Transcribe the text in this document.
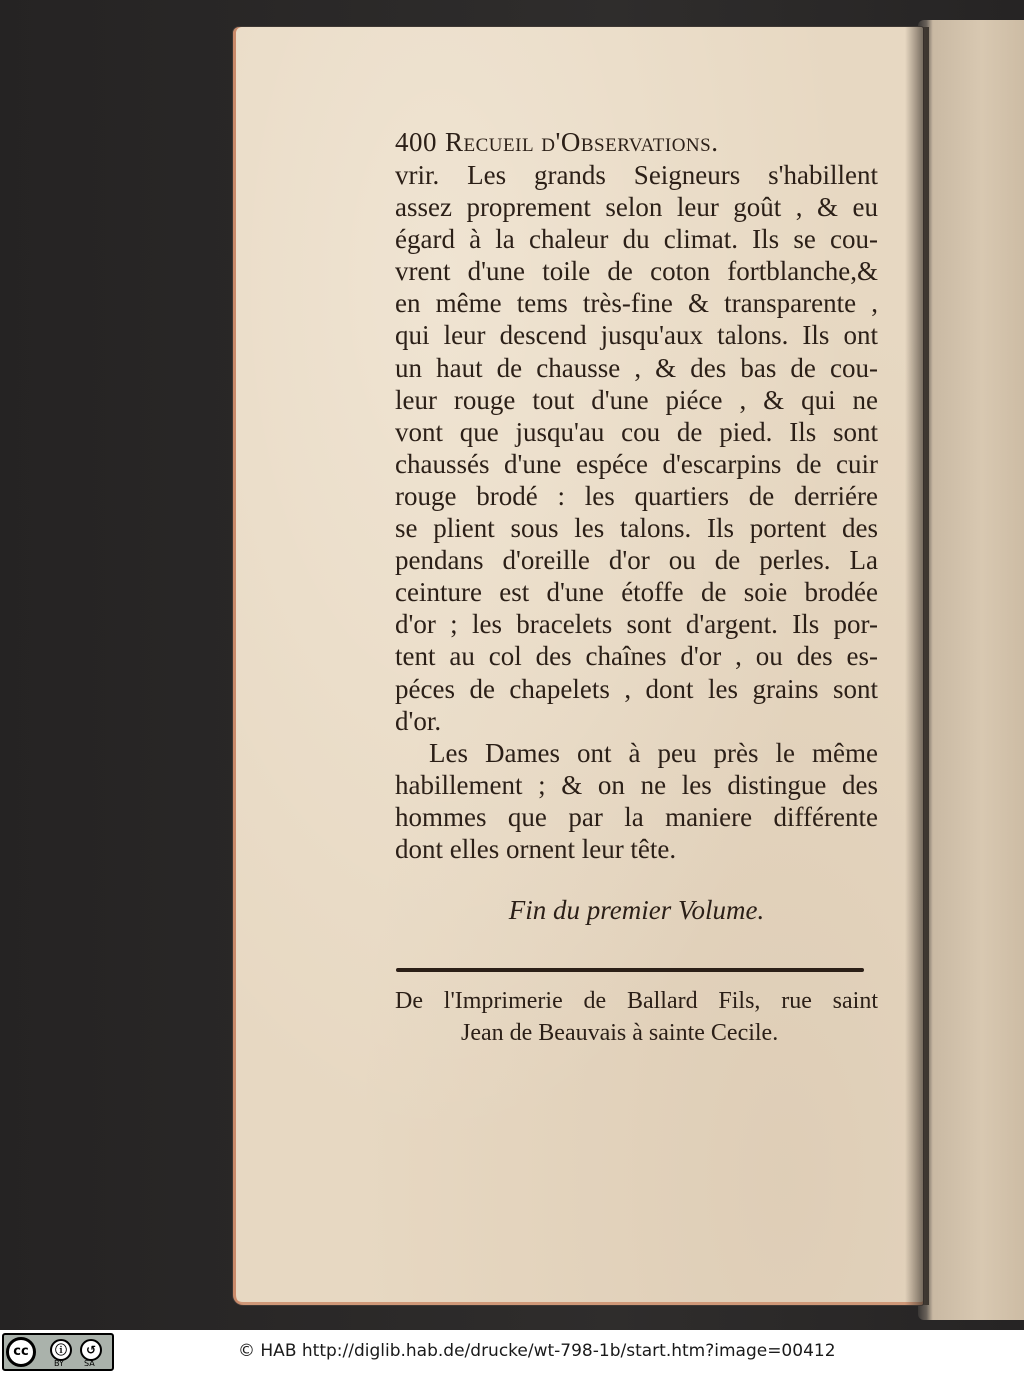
400 Recueil d'Observations.
vrir. Les grands Seigneurs s'habillent
assez proprement selon leur goût , & eu
égard à la chaleur du climat. Ils se cou-
vrent d'une toile de coton fortblanche,&
en même tems très-fine & transparente ,
qui leur descend jusqu'aux talons. Ils ont
un haut de chausse , & des bas de cou-
leur rouge tout d'une piéce , & qui ne
vont que jusqu'au cou de pied. Ils sont
chaussés d'une espéce d'escarpins de cuir
rouge brodé : les quartiers de derriére
se plient sous les talons. Ils portent des
pendans d'oreille d'or ou de perles. La
ceinture est d'une étoffe de soie brodée
d'or ; les bracelets sont d'argent. Ils por-
tent au col des chaînes d'or , ou des es-
péces de chapelets , dont les grains sont
d'or.
Les Dames ont à peu près le même
habillement ; & on ne les distingue des
hommes que par la maniere différente
dont elles ornent leur tête.
Fin du premier Volume.
De l'Imprimerie de Ballard Fils, rue saint
Jean de Beauvais à sainte Cecile.
cc	ⓘ	↺
BY	SA
© HAB http://diglib.hab.de/drucke/wt-798-1b/start.htm?image=00412
